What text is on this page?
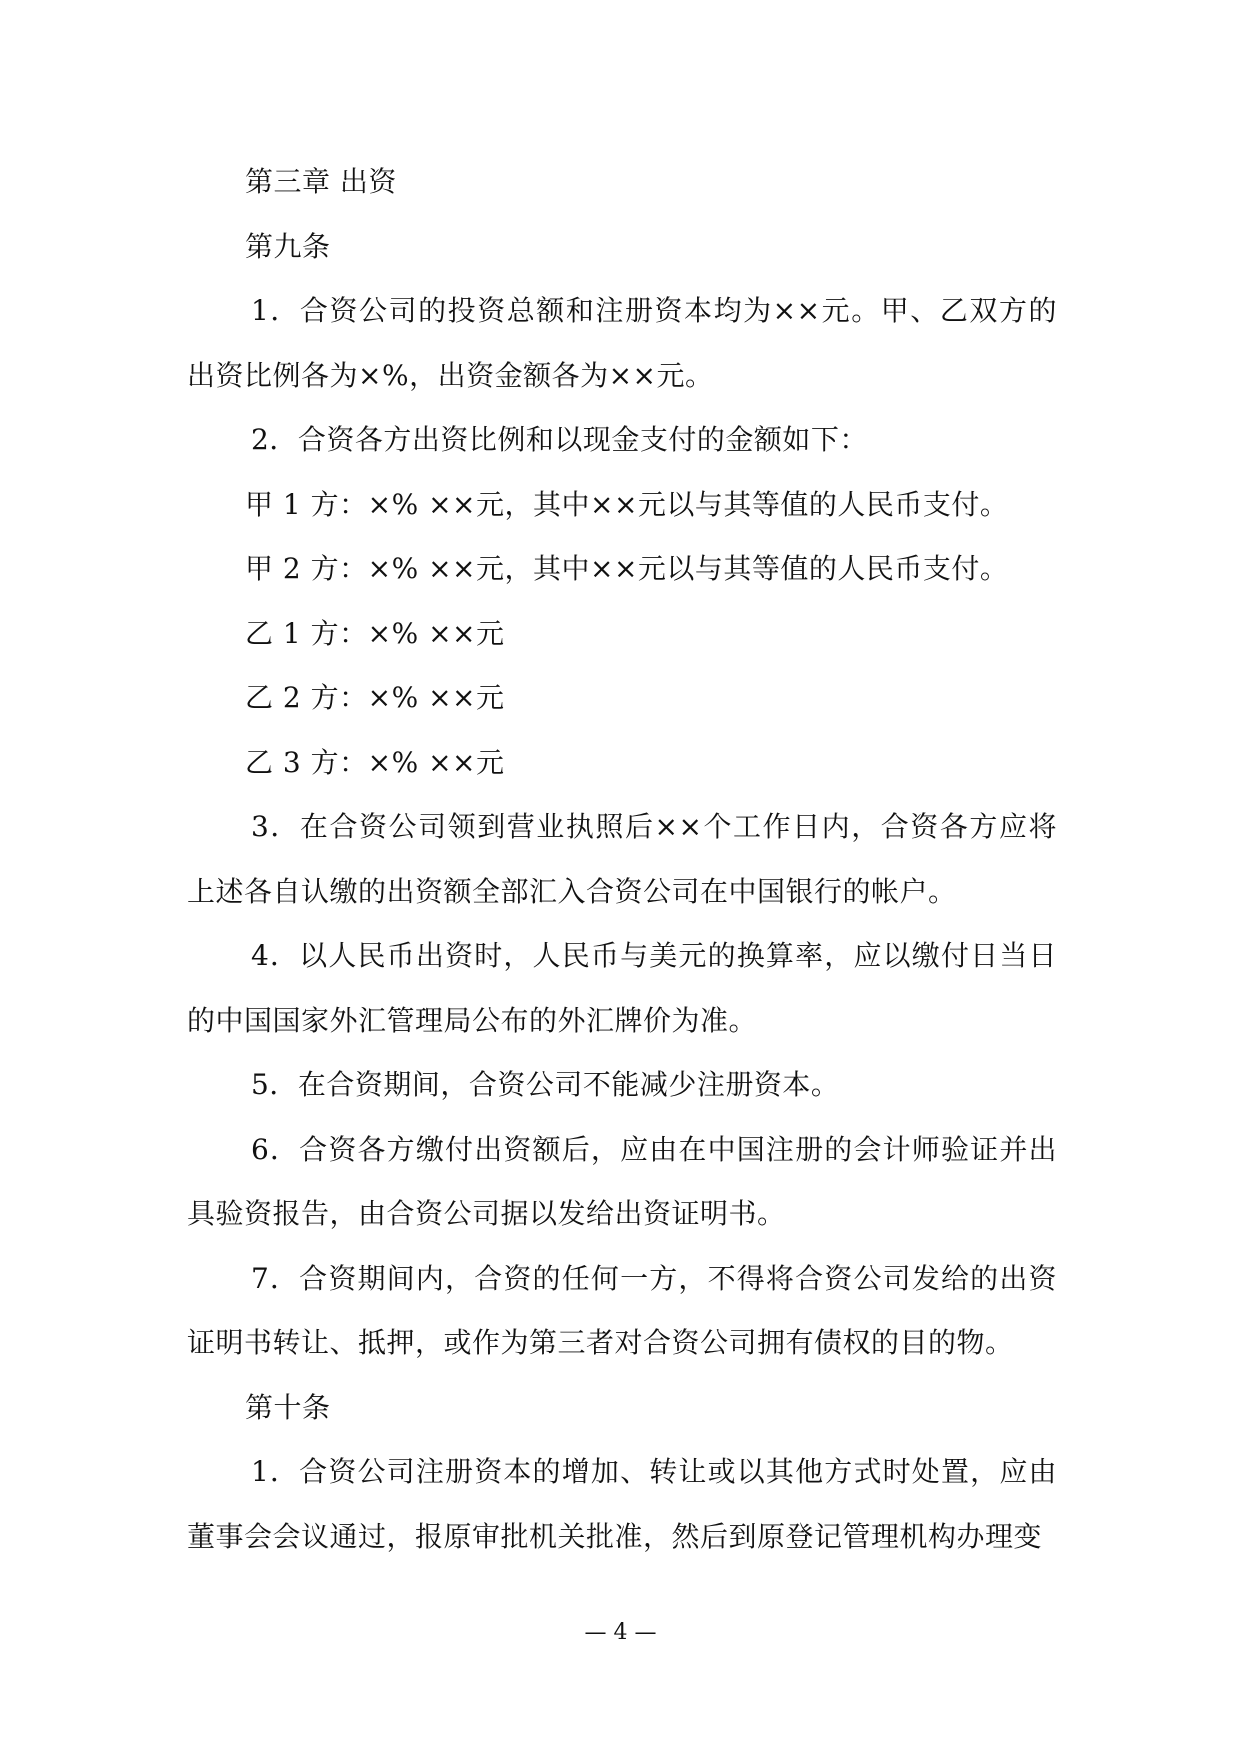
第三章 出资
第九条
1．合资公司的投资总额和注册资本均为××元。甲、乙双方的
出资比例各为×%，出资金额各为××元。
2．合资各方出资比例和以现金支付的金额如下：
甲 1 方：×% ××元，其中××元以与其等值的人民币支付。
甲 2 方：×% ××元，其中××元以与其等值的人民币支付。
乙 1 方：×% ××元
乙 2 方：×% ××元
乙 3 方：×% ××元
3．在合资公司领到营业执照后××个工作日内，合资各方应将
上述各自认缴的出资额全部汇入合资公司在中国银行的帐户。
4．以人民币出资时，人民币与美元的换算率，应以缴付日当日
的中国国家外汇管理局公布的外汇牌价为准。
5．在合资期间，合资公司不能减少注册资本。
6．合资各方缴付出资额后，应由在中国注册的会计师验证并出
具验资报告，由合资公司据以发给出资证明书。
7．合资期间内，合资的任何一方，不得将合资公司发给的出资
证明书转让、抵押，或作为第三者对合资公司拥有债权的目的物。
第十条
1．合资公司注册资本的增加、转让或以其他方式时处置，应由
董事会会议通过，报原审批机关批准，然后到原登记管理机构办理变
— 4 —
